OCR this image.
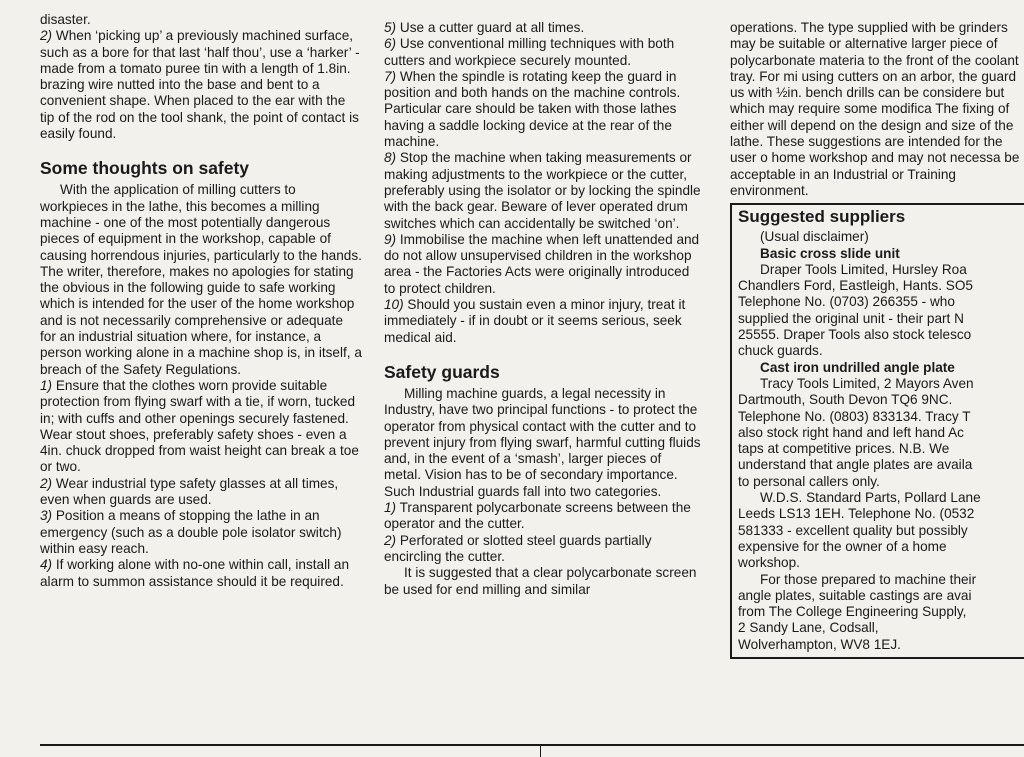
disaster.

2) When ‘picking up’ a previously machined surface, such as a bore for that last ‘half thou’, use a ‘harker’ - made from a tomato puree tin with a length of 1.8in. brazing wire nutted into the base and bent to a convenient shape. When placed to the ear with the tip of the rod on the tool shank, the point of contact is easily found.

Some thoughts on safety

With the application of milling cutters to workpieces in the lathe, this becomes a milling machine - one of the most potentially dangerous pieces of equipment in the workshop, capable of causing horrendous injuries, particularly to the hands. The writer, therefore, makes no apologies for stating the obvious in the following guide to safe working which is intended for the user of the home workshop and is not necessarily comprehensive or adequate for an industrial situation where, for instance, a person working alone in a machine shop is, in itself, a breach of the Safety Regulations.

1) Ensure that the clothes worn provide suitable protection from flying swarf with a tie, if worn, tucked in; with cuffs and other openings securely fastened. Wear stout shoes, preferably safety shoes - even a 4in. chuck dropped from waist height can break a toe or two.

2) Wear industrial type safety glasses at all times, even when guards are used.

3) Position a means of stopping the lathe in an emergency (such as a double pole isolator switch) within easy reach.

4) If working alone with no-one within call, install an alarm to summon assistance should it be required.

5) Use a cutter guard at all times.

6) Use conventional milling techniques with both cutters and workpiece securely mounted.

7) When the spindle is rotating keep the guard in position and both hands on the machine controls. Particular care should be taken with those lathes having a saddle locking device at the rear of the machine.

8) Stop the machine when taking measurements or making adjustments to the workpiece or the cutter, preferably using the isolator or by locking the spindle with the back gear. Beware of lever operated drum switches which can accidentally be switched ‘on’.

9) Immobilise the machine when left unattended and do not allow unsupervised children in the workshop area - the Factories Acts were originally introduced to protect children.

10) Should you sustain even a minor injury, treat it immediately - if in doubt or it seems serious, seek medical aid.

Safety guards

Milling machine guards, a legal necessity in Industry, have two principal functions - to protect the operator from physical contact with the cutter and to prevent injury from flying swarf, harmful cutting fluids and, in the event of a ‘smash’, larger pieces of metal. Vision has to be of secondary importance. Such Industrial guards fall into two categories.

1) Transparent polycarbonate screens between the operator and the cutter.

2) Perforated or slotted steel guards partially encircling the cutter.

It is suggested that a clear polycarbonate screen be used for end milling and similar

operations. The type supplied with be grinders may be suitable or alternative larger piece of polycarbonate materia to the front of the coolant tray. For mi using cutters on an arbor, the guard us with ½in. bench drills can be considere but which may require some modifica The fixing of either will depend on the design and size of the lathe. These suggestions are intended for the user o home workshop and may not necessa be acceptable in an Industrial or Training environment.

Suggested suppliers
(Usual disclaimer)
Basic cross slide unit
Draper Tools Limited, Hursley Roa
Chandlers Ford, Eastleigh, Hants. SO5
Telephone No. (0703) 266355 - who
supplied the original unit - their part N
25555. Draper Tools also stock telesco
chuck guards.
Cast iron undrilled angle plate
Tracy Tools Limited, 2 Mayors Aven
Dartmouth, South Devon TQ6 9NC.
Telephone No. (0803) 833134. Tracy T
also stock right hand and left hand Ac
taps at competitive prices. N.B. We
understand that angle plates are availa
to personal callers only.
W.D.S. Standard Parts, Pollard Lane
Leeds LS13 1EH. Telephone No. (0532
581333 - excellent quality but possibly
expensive for the owner of a home
workshop.
For those prepared to machine their
angle plates, suitable castings are avai
from The College Engineering Supply,
2 Sandy Lane, Codsall,
Wolverhampton, WV8 1EJ.
